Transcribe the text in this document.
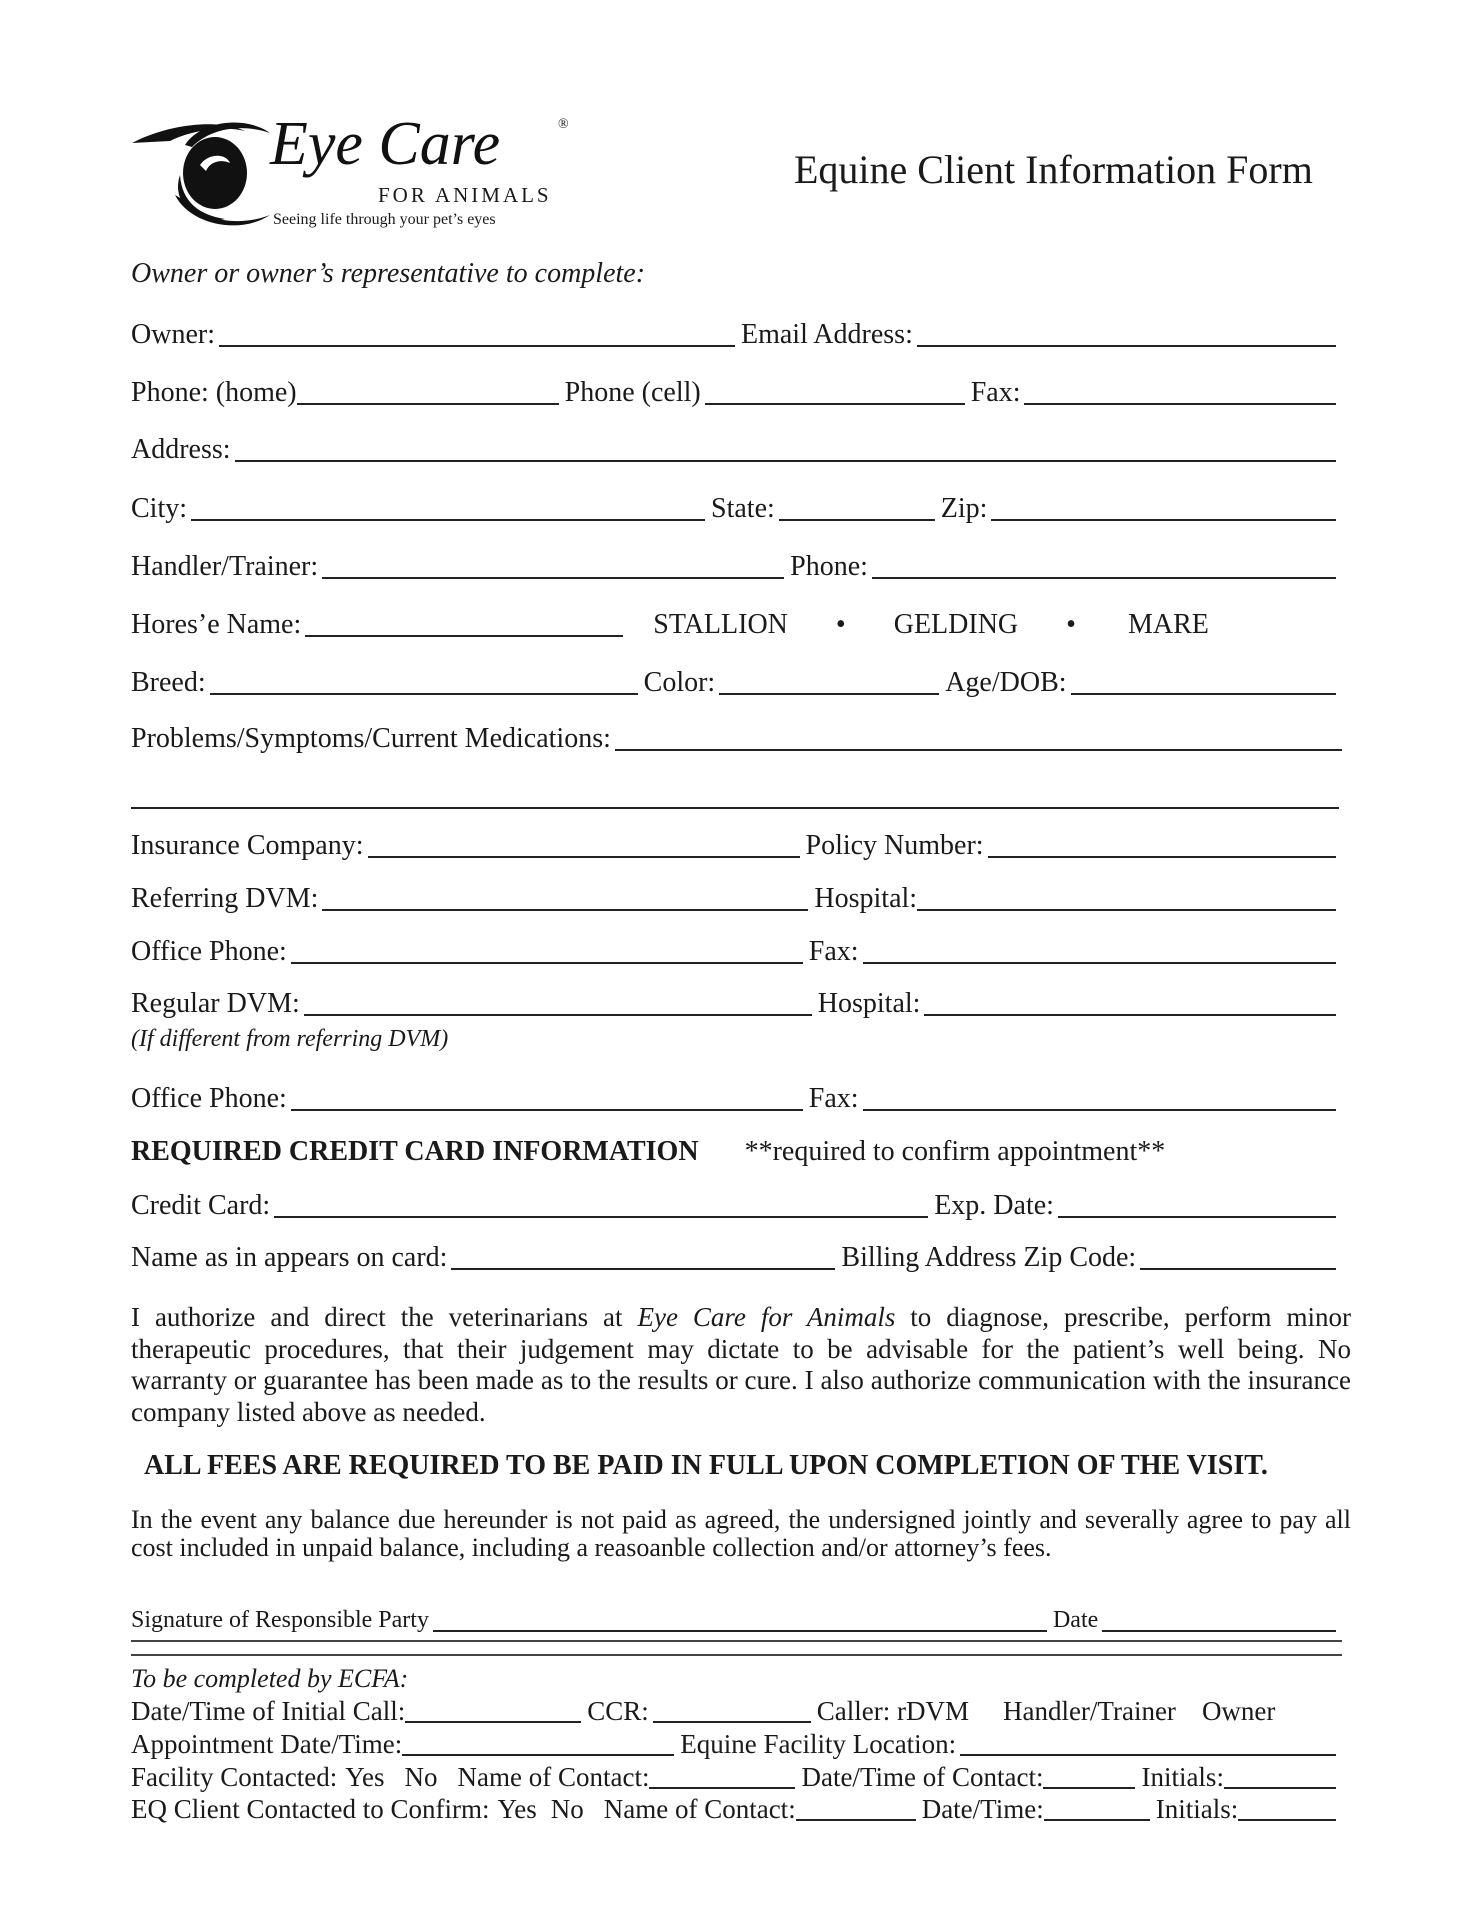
Eye Care	®
FOR ANIMALS
Seeing life through your pet’s eyes
Equine Client Information Form
Owner or owner’s representative to complete:
Owner:	Email Address:
Phone: (home)	Phone (cell)	Fax:
Address:
City:	State:	Zip:
Handler/Trainer:	Phone:
Hores’e Name:	STALLION • GELDING • MARE
Breed:	Color:	Age/DOB:
Problems/Symptoms/Current Medications:
Insurance Company:	Policy Number:
Referring DVM:	Hospital:
Office Phone:	Fax:
Regular DVM:	Hospital:
(If different from referring DVM)
Office Phone:	Fax:
REQUIRED CREDIT CARD INFORMATION **required to confirm appointment**
Credit Card:	Exp. Date:
Name as in appears on card:	Billing Address Zip Code:
I authorize and direct the veterinarians at Eye Care for Animals to diagnose, prescribe, perform minor therapeutic procedures, that their judgement may dictate to be advisable for the patient’s well being. No warranty or guarantee has been made as to the results or cure. I also authorize communication with the insurance company listed above as needed.
ALL FEES ARE REQUIRED TO BE PAID IN FULL UPON COMPLETION OF THE VISIT.
In the event any balance due hereunder is not paid as agreed, the undersigned jointly and severally agree to pay all cost included in unpaid balance, including a reasoanble collection and/or attorney’s fees.
Signature of Responsible Party	Date
To be completed by ECFA:
Date/Time of Initial Call:	CCR:	Caller: rDVM Handler/Trainer Owner
Appointment Date/Time:	Equine Facility Location:
Facility Contacted: Yes No Name of Contact:	Date/Time of Contact:	Initials:
EQ Client Contacted to Confirm: Yes No Name of Contact:	Date/Time:	Initials:
